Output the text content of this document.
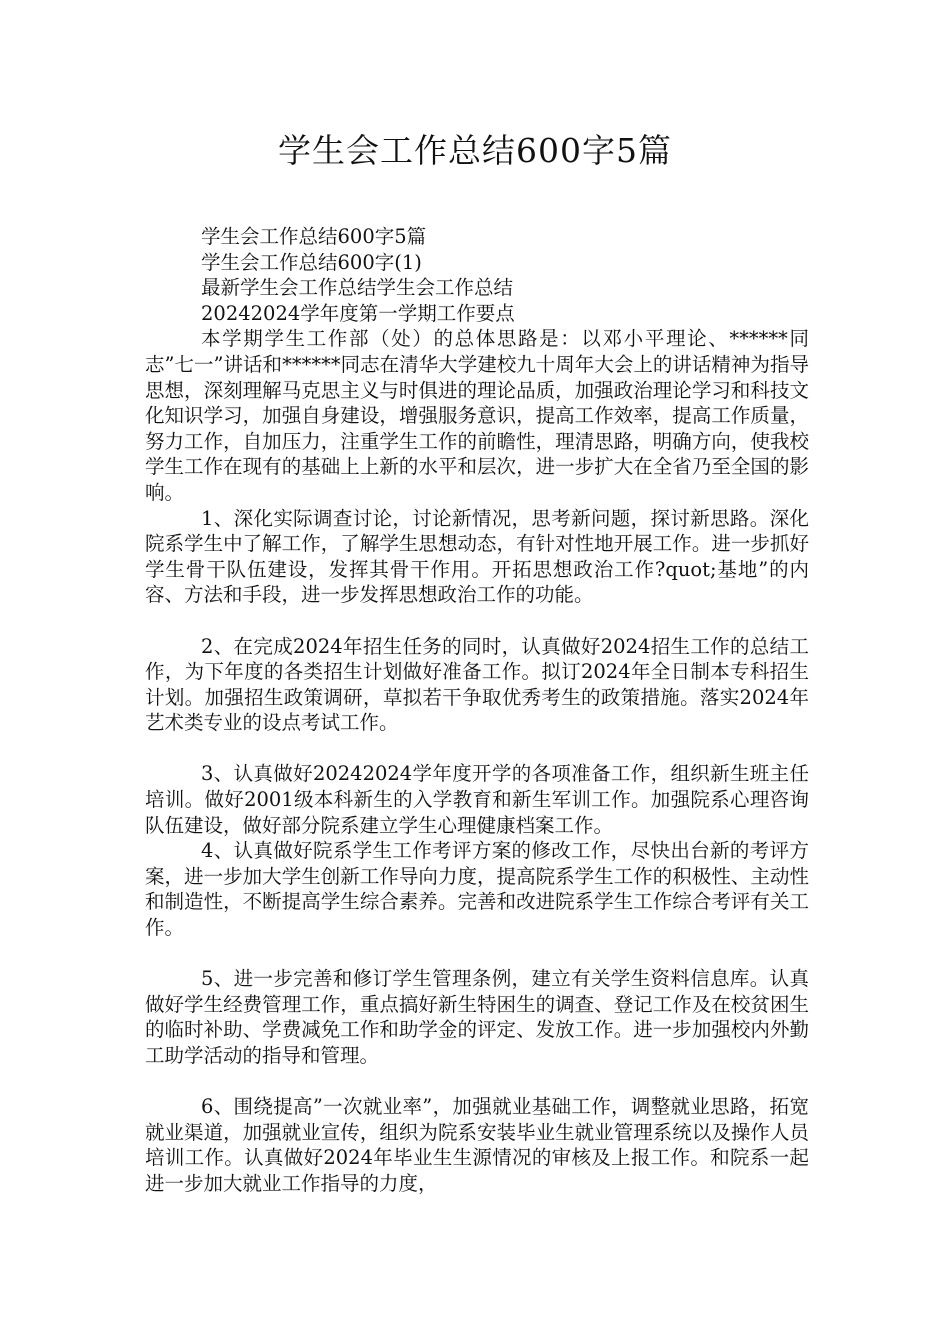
学生会工作总结600字5篇

学生会工作总结600字5篇

学生会工作总结600字(1)

最新学生会工作总结学生会工作总结

20242024学年度第一学期工作要点

本学期学生工作部（处）的总体思路是：以邓小平理论、******同志”七一”讲话和******同志在清华大学建校九十周年大会上的讲话精神为指导思想，深刻理解马克思主义与时俱进的理论品质，加强政治理论学习和科技文化知识学习，加强自身建设，增强服务意识，提高工作效率，提高工作质量，努力工作，自加压力，注重学生工作的前瞻性，理清思路，明确方向，使我校学生工作在现有的基础上上新的水平和层次，进一步扩大在全省乃至全国的影响。

1、深化实际调查讨论，讨论新情况，思考新问题，探讨新思路。深化院系学生中了解工作，了解学生思想动态，有针对性地开展工作。进一步抓好学生骨干队伍建设，发挥其骨干作用。开拓思想政治工作?quot;基地”的内容、方法和手段，进一步发挥思想政治工作的功能。

2、在完成2024年招生任务的同时，认真做好2024招生工作的总结工作，为下年度的各类招生计划做好准备工作。拟订2024年全日制本专科招生计划。加强招生政策调研，草拟若干争取优秀考生的政策措施。落实2024年艺术类专业的设点考试工作。

3、认真做好20242024学年度开学的各项准备工作，组织新生班主任培训。做好2001级本科新生的入学教育和新生军训工作。加强院系心理咨询队伍建设，做好部分院系建立学生心理健康档案工作。

4、认真做好院系学生工作考评方案的修改工作，尽快出台新的考评方案，进一步加大学生创新工作导向力度，提高院系学生工作的积极性、主动性和制造性，不断提高学生综合素养。完善和改进院系学生工作综合考评有关工作。

5、进一步完善和修订学生管理条例，建立有关学生资料信息库。认真做好学生经费管理工作，重点搞好新生特困生的调查、登记工作及在校贫困生的临时补助、学费减免工作和助学金的评定、发放工作。进一步加强校内外勤工助学活动的指导和管理。

6、围绕提高”一次就业率”，加强就业基础工作，调整就业思路，拓宽就业渠道，加强就业宣传，组织为院系安装毕业生就业管理系统以及操作人员培训工作。认真做好2024年毕业生生源情况的审核及上报工作。和院系一起进一步加大就业工作指导的力度，
